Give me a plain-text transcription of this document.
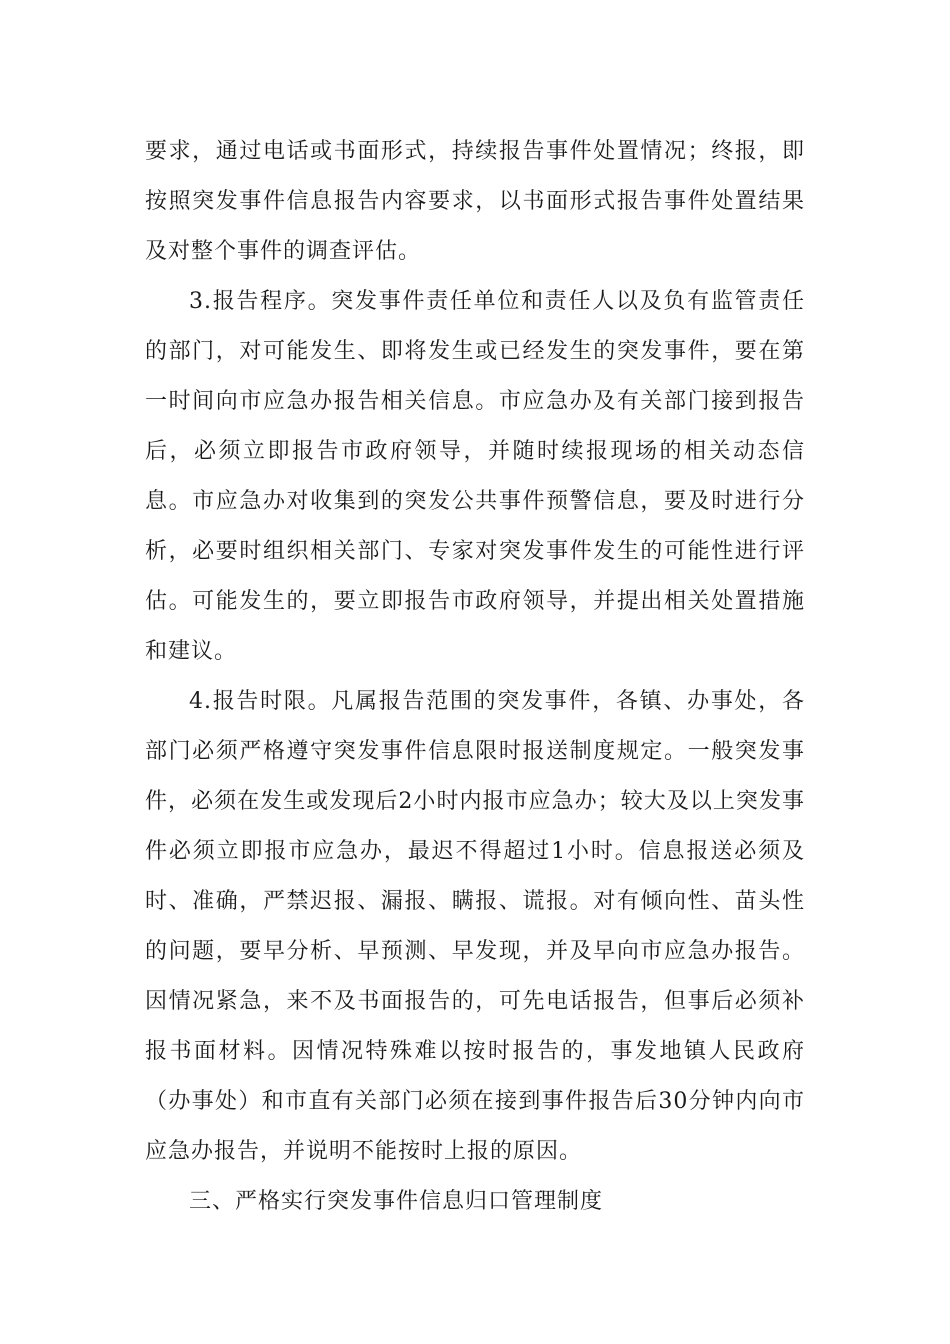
要求，通过电话或书面形式，持续报告事件处置情况；终报，即按照突发事件信息报告内容要求，以书面形式报告事件处置结果及对整个事件的调查评估。

3.报告程序。突发事件责任单位和责任人以及负有监管责任的部门，对可能发生、即将发生或已经发生的突发事件，要在第一时间向市应急办报告相关信息。市应急办及有关部门接到报告后，必须立即报告市政府领导，并随时续报现场的相关动态信息。市应急办对收集到的突发公共事件预警信息，要及时进行分析，必要时组织相关部门、专家对突发事件发生的可能性进行评估。可能发生的，要立即报告市政府领导，并提出相关处置措施和建议。

4.报告时限。凡属报告范围的突发事件，各镇、办事处，各部门必须严格遵守突发事件信息限时报送制度规定。一般突发事件，必须在发生或发现后2小时内报市应急办；较大及以上突发事件必须立即报市应急办，最迟不得超过1小时。信息报送必须及时、准确，严禁迟报、漏报、瞒报、谎报。对有倾向性、苗头性的问题，要早分析、早预测、早发现，并及早向市应急办报告。因情况紧急，来不及书面报告的，可先电话报告，但事后必须补报书面材料。因情况特殊难以按时报告的，事发地镇人民政府（办事处）和市直有关部门必须在接到事件报告后30分钟内向市应急办报告，并说明不能按时上报的原因。

三、严格实行突发事件信息归口管理制度
